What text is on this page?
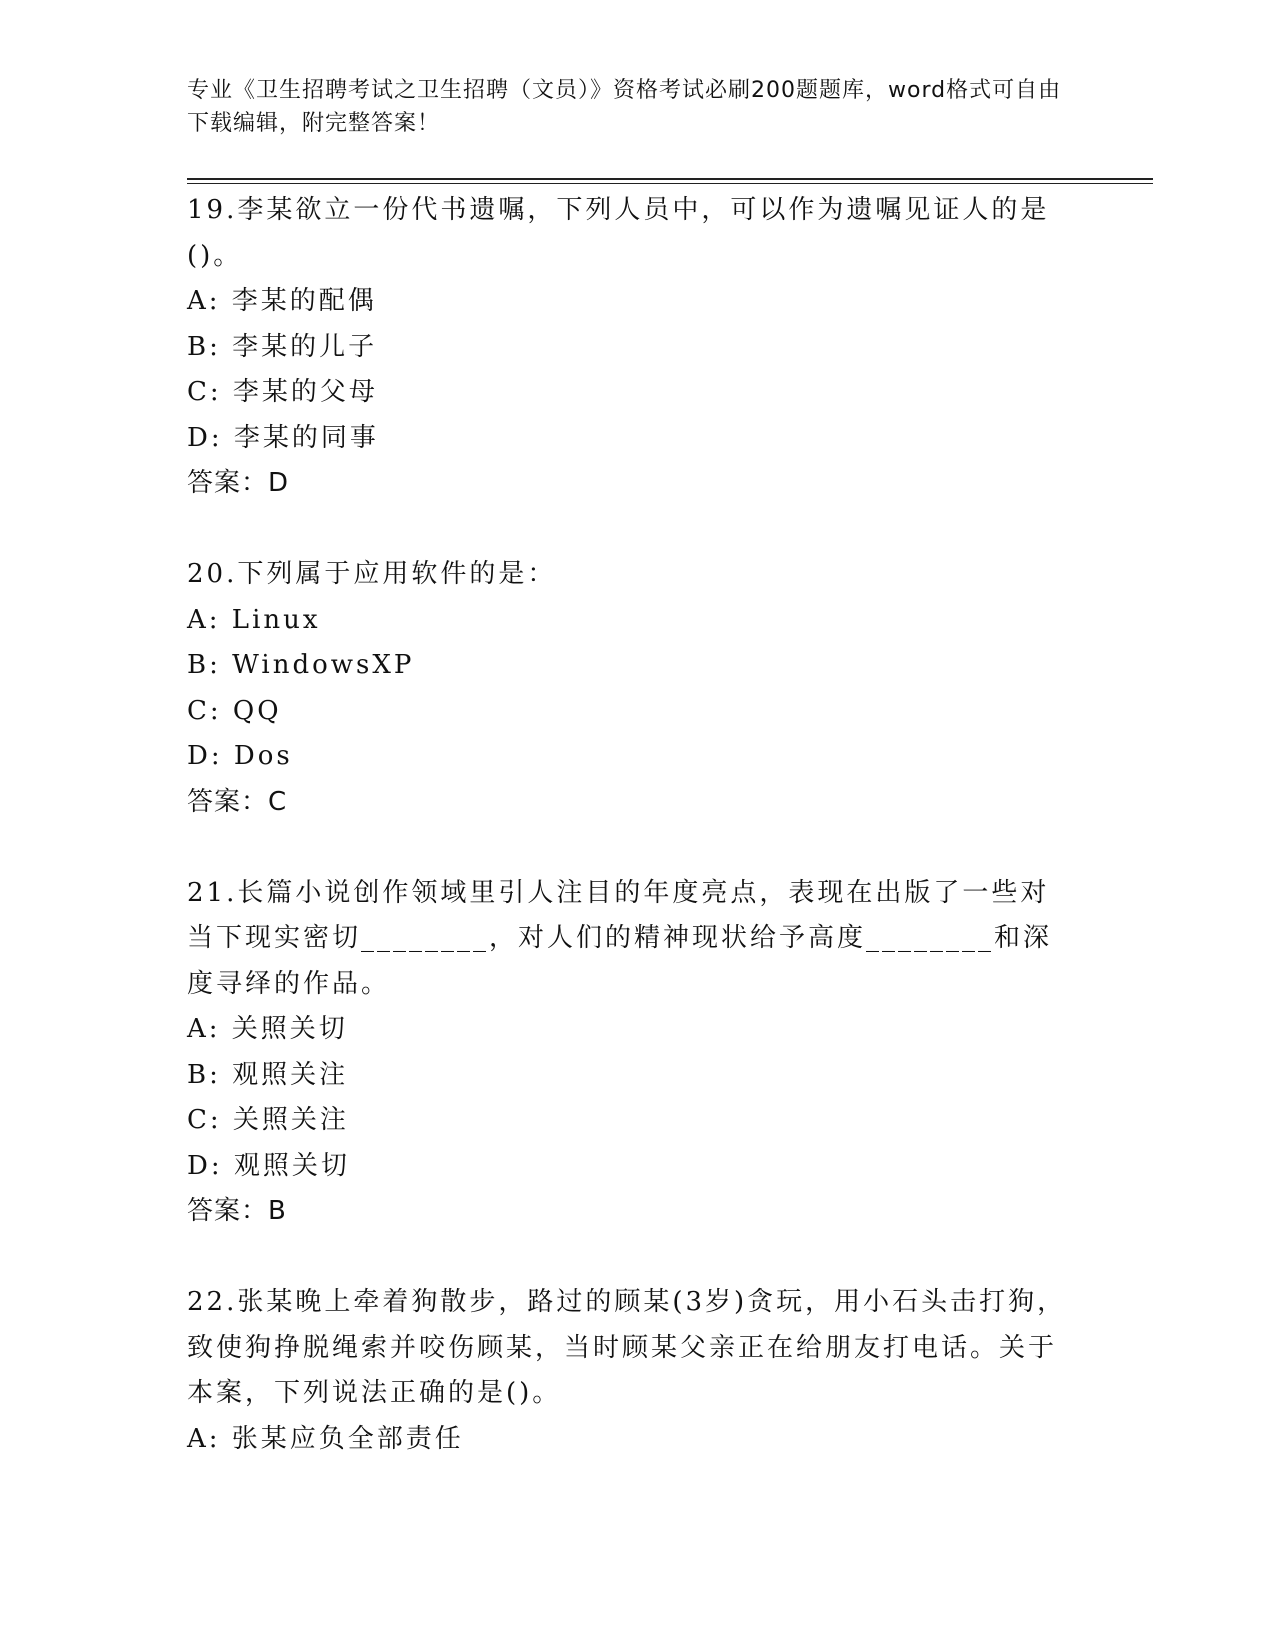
专业《卫生招聘考试之卫生招聘（文员）》资格考试必刷200题题库，word格式可自由下载编辑，附完整答案！
19.李某欲立一份代书遗嘱，下列人员中，可以作为遗嘱见证人的是()。
A: 李某的配偶
B: 李某的儿子
C: 李某的父母
D: 李某的同事
答案：D
20.下列属于应用软件的是：
A: Linux
B: WindowsXP
C: QQ
D: Dos
答案：C
21.长篇小说创作领域里引人注目的年度亮点，表现在出版了一些对当下现实密切________，对人们的精神现状给予高度________和深度寻绎的作品。
A: 关照关切
B: 观照关注
C: 关照关注
D: 观照关切
答案：B
22.张某晚上牵着狗散步，路过的顾某(3岁)贪玩，用小石头击打狗，致使狗挣脱绳索并咬伤顾某，当时顾某父亲正在给朋友打电话。关于本案，下列说法正确的是()。
A: 张某应负全部责任
